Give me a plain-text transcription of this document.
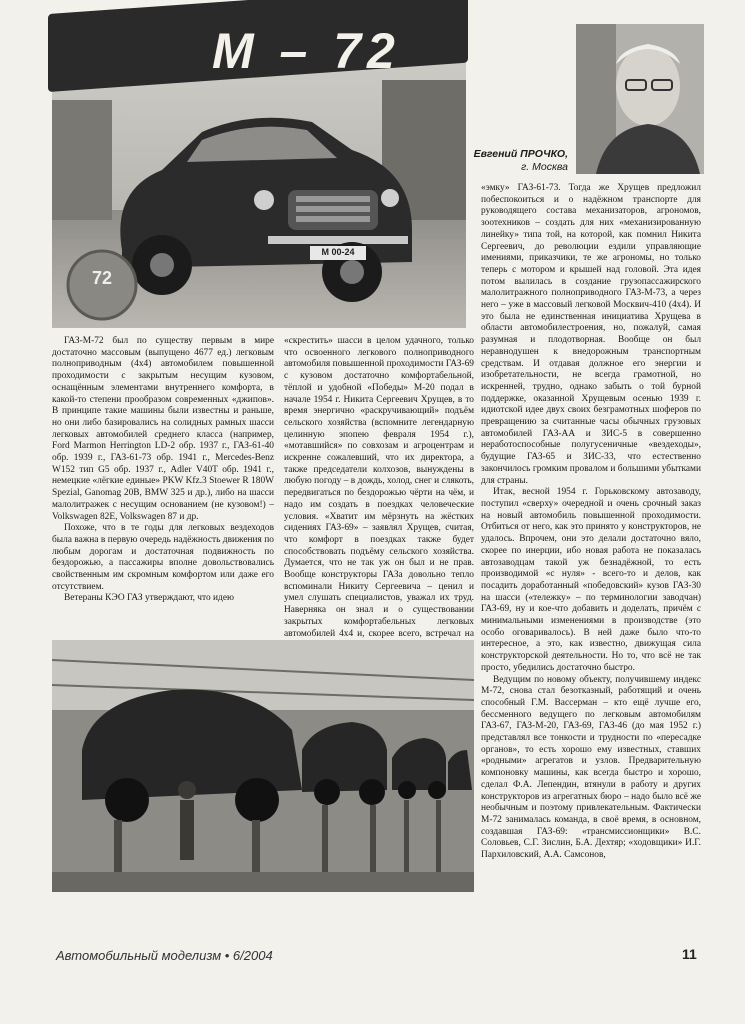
M 00-24
72
M – 72
Евгений ПРОЧКО,
г. Москва

«эмку» ГАЗ-61-73. Тогда же Хрущев предложил побеспокоиться и о надёжном транспорте для руководящего состава механизаторов, агрономов, зоотехников – создать для них «механизированную линейку» типа той, на которой, как помнил Никита Сергеевич, до революции ездили управляющие имениями, приказчики, те же агрономы, но только теперь с мотором и крышей над головой. Эта идея потом вылилась в создание грузопассажирского малолитражного полноприводного ГАЗ-М-73, а через него – уже в массовый легковой Москвич-410 (4х4). И это была не единственная инициатива Хрущева в области автомобилестроения, но, пожалуй, самая разумная и плодотворная. Вообще он был неравнодушен к внедорожным транспортным средствам. И отдавая должное его энергии и изобретательности, не всегда грамотной, но искренней, трудно, однако забыть о той бурной поддержке, оказанной Хрущевым осенью 1939 г. идиотской идее двух своих безграмотных шоферов по превращению за считанные часы обычных грузовых автомобилей ГАЗ-АА и ЗИС-5 в совершенно неработоспособные полугусеничные «вездеходы», будущие ГАЗ-65 и ЗИС-33, что естественно закончилось громким провалом и большими убытками для страны.

Итак, весной 1954 г. Горьковскому автозаводу, поступил «сверху» очередной и очень срочный заказ на новый автомобиль повышенной проходимости. Отбиться от него, как это принято у конструкторов, не удалось. Впрочем, они это делали достаточно вяло, скорее по инерции, ибо новая работа не показалась автозаводцам такой уж безнадёжной, то есть производимой «с нуля» - всего-то и делов, как посадить доработанный «победовский» кузов ГАЗ-30 на шасси («тележку» – по терминологии заводчан) ГАЗ-69, ну и кое-что добавить и доделать, причём с минимальными изменениями в производстве (это особо оговаривалось). В ней даже было что-то интересное, а это, как известно, движущая сила конструкторской деятельности. Но то, что всё не так просто, убедились достаточно быстро.

Ведущим по новому объекту, получившему индекс М-72, снова стал безотказный, работящий и очень способный Г.М. Вассерман – кто ещё лучше его, бессменного ведущего по легковым автомобилям ГАЗ-67, ГАЗ-М-20, ГАЗ-69, ГАЗ-46 (до мая 1952 г.) представлял все тонкости и трудности по «пересадке органов», то есть хорошо ему известных, ставших «родными» агрегатов и узлов. Предварительную компоновку машины, как всегда быстро и хорошо, сделал Ф.А. Лепендин, втянули в работу и других конструкторов из агрегатных бюро – надо было всё же необычным и поэтому привлекательным. Фактически М-72 занималась команда, в своё время, в основном, создавшая ГАЗ-69: «трансмиссионщики» В.С. Соловьев, С.Г. Зислин, Б.А. Дехтяр; «ходовщики» И.Г. Пархиловский, А.А. Самсонов,

ГАЗ-М-72 был по существу первым в мире достаточно массовым (выпущено 4677 ед.) легковым полноприводным (4х4) автомобилем повышенной проходимости с закрытым несущим кузовом, оснащённым элементами внутреннего комфорта, в какой-то степени прообразом современных «джипов». В принципе такие машины были известны и раньше, но они либо базировались на солидных рамных шасси легковых автомобилей среднего класса (например, Ford Marmon Herrington LD-2 обр. 1937 г., ГАЗ-61-40 обр. 1939 г., ГАЗ-61-73 обр. 1941 г., Mercedes-Benz W152 тип G5 обр. 1937 г., Adler V40T обр. 1941 г., немецкие «лёгкие единые» PKW Kfz.3 Stoewer R 180W Spezial, Ganomag 20B, BMW 325 и др.), либо на шасси малолитражек с несущим основанием (не кузовом!) – Volkswagen 82E, Volkswagen 87 и др.

Похоже, что в те годы для легковых вездеходов была важна в первую очередь надёжность движения по любым дорогам и достаточная подвижность по бездорожью, а пассажиры вполне довольствовались свойственным им скромным комфортом или даже его отсутствием.

Ветераны КЭО ГАЗ утверждают, что идею

«скрестить» шасси в целом удачного, только что освоенного легкового полноприводного автомобиля повышенной проходимости ГАЗ-69 с кузовом достаточно комфортабельной, тёплой и удобной «Победы» М-20 подал в начале 1954 г. Никита Сергеевич Хрущев, в то время энергично «раскручивающий» подъём сельского хозяйства (вспомните легендарную целинную эпопею февраля 1954 г.), «мотавшийся» по совхозам и агроцентрам и искренне сожалевший, что их директора, а также председатели колхозов, вынуждены в любую погоду – в дождь, холод, снег и слякоть, передвигаться по бездорожью чёрти на чём, и надо им создать в поездках человеческие условия. «Хватит им мёрзнуть на жёстких сидениях ГАЗ-69» – заявлял Хрущев, считая, что комфорт в поездках также будет способствовать подъёму сельского хозяйства. Думается, что не так уж он был и не прав. Вообще конструкторы ГАЗа довольно тепло вспоминали Никиту Сергеевича – ценил и умел слушать специалистов, уважал их труд. Наверняка он знал и о существовании закрытых комфортабельных легковых автомобилей 4х4 и, скорее всего, встречал на

Автомобильный моделизм • 6/2004	11
